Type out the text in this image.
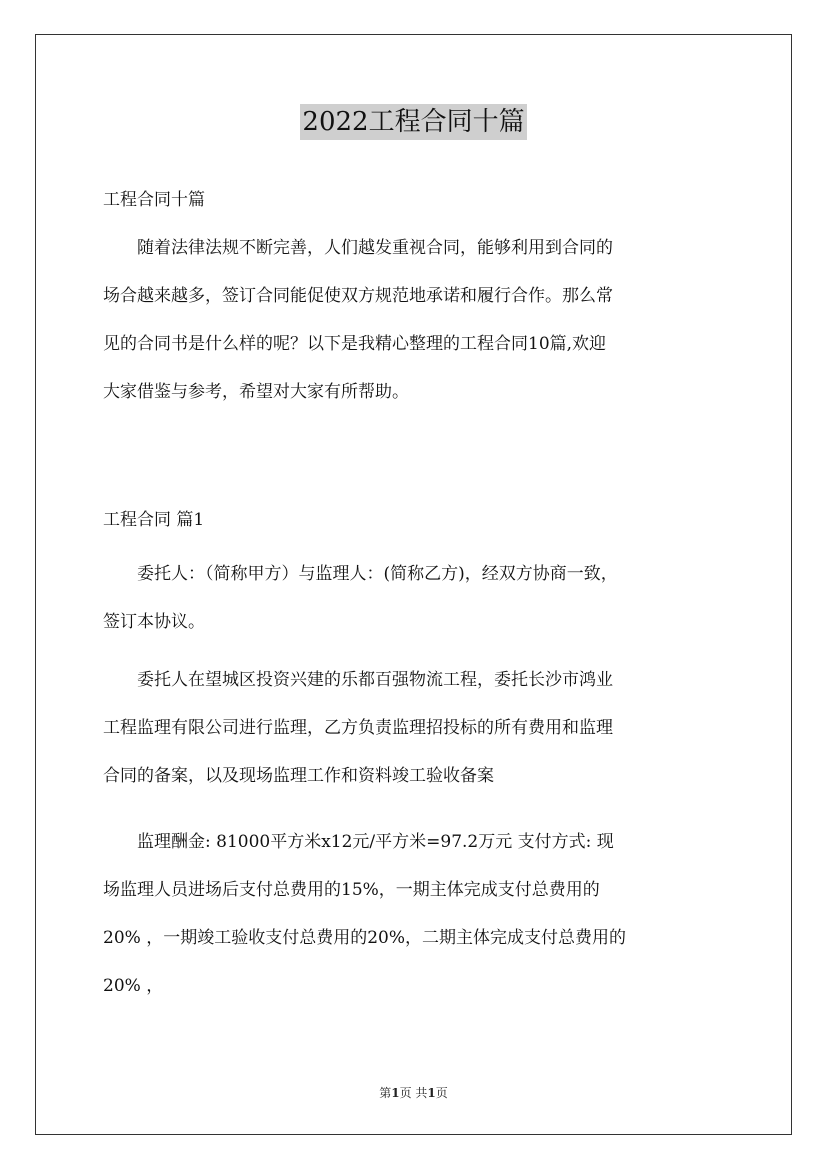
2022工程合同十篇
工程合同十篇
　　随着法律法规不断完善，人们越发重视合同，能够利用到合同的
场合越来越多，签订合同能促使双方规范地承诺和履行合作。那么常
见的合同书是什么样的呢？以下是我精心整理的工程合同10篇,欢迎
大家借鉴与参考，希望对大家有所帮助。
工程合同 篇1
　　委托人：（简称甲方）与监理人：(简称乙方)，经双方协商一致，
签订本协议。
　　委托人在望城区投资兴建的乐都百强物流工程，委托长沙市鸿业
工程监理有限公司进行监理，乙方负责监理招投标的所有费用和监理
合同的备案，以及现场监理工作和资料竣工验收备案
　　监理酬金: 81000平方米x12元/平方米=97.2万元 支付方式: 现
场监理人员进场后支付总费用的15%，一期主体完成支付总费用的
20% ，一期竣工验收支付总费用的20%，二期主体完成支付总费用的
20% ，
第1页 共1页
